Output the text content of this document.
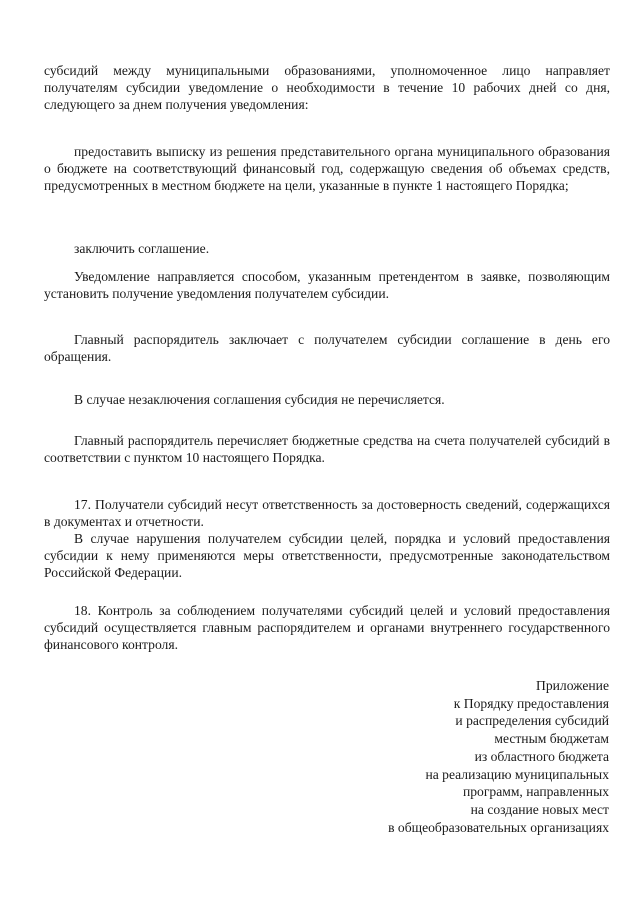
субсидий между муниципальными образованиями, уполномоченное лицо направляет получателям субсидии уведомление о необходимости в течение 10 рабочих дней со дня, следующего за днем получения уведомления:

предоставить выписку из решения представительного органа муниципального образования о бюджете на соответствующий финансовый год, содержащую сведения об объемах средств, предусмотренных в местном бюджете на цели, указанные в пункте 1 настоящего Порядка;

заключить соглашение.

Уведомление направляется способом, указанным претендентом в заявке, позволяющим установить получение уведомления получателем субсидии.

Главный распорядитель заключает с получателем субсидии соглашение в день его обращения.

В случае незаключения соглашения субсидия не перечисляется.

Главный распорядитель перечисляет бюджетные средства на счета получателей субсидий в соответствии с пунктом 10 настоящего Порядка.

17. Получатели субсидий несут ответственность за достоверность сведений, содержащихся в документах и отчетности.

В случае нарушения получателем субсидии целей, порядка и условий предоставления субсидии к нему применяются меры ответственности, предусмотренные законодательством Российской Федерации.

18. Контроль за соблюдением получателями субсидий целей и условий предоставления субсидий осуществляется главным распорядителем и органами внутреннего государственного финансового контроля.

Приложение
к Порядку предоставления
и распределения субсидий
местным бюджетам
из областного бюджета
на реализацию муниципальных
программ, направленных
на создание новых мест
в общеобразовательных организациях
